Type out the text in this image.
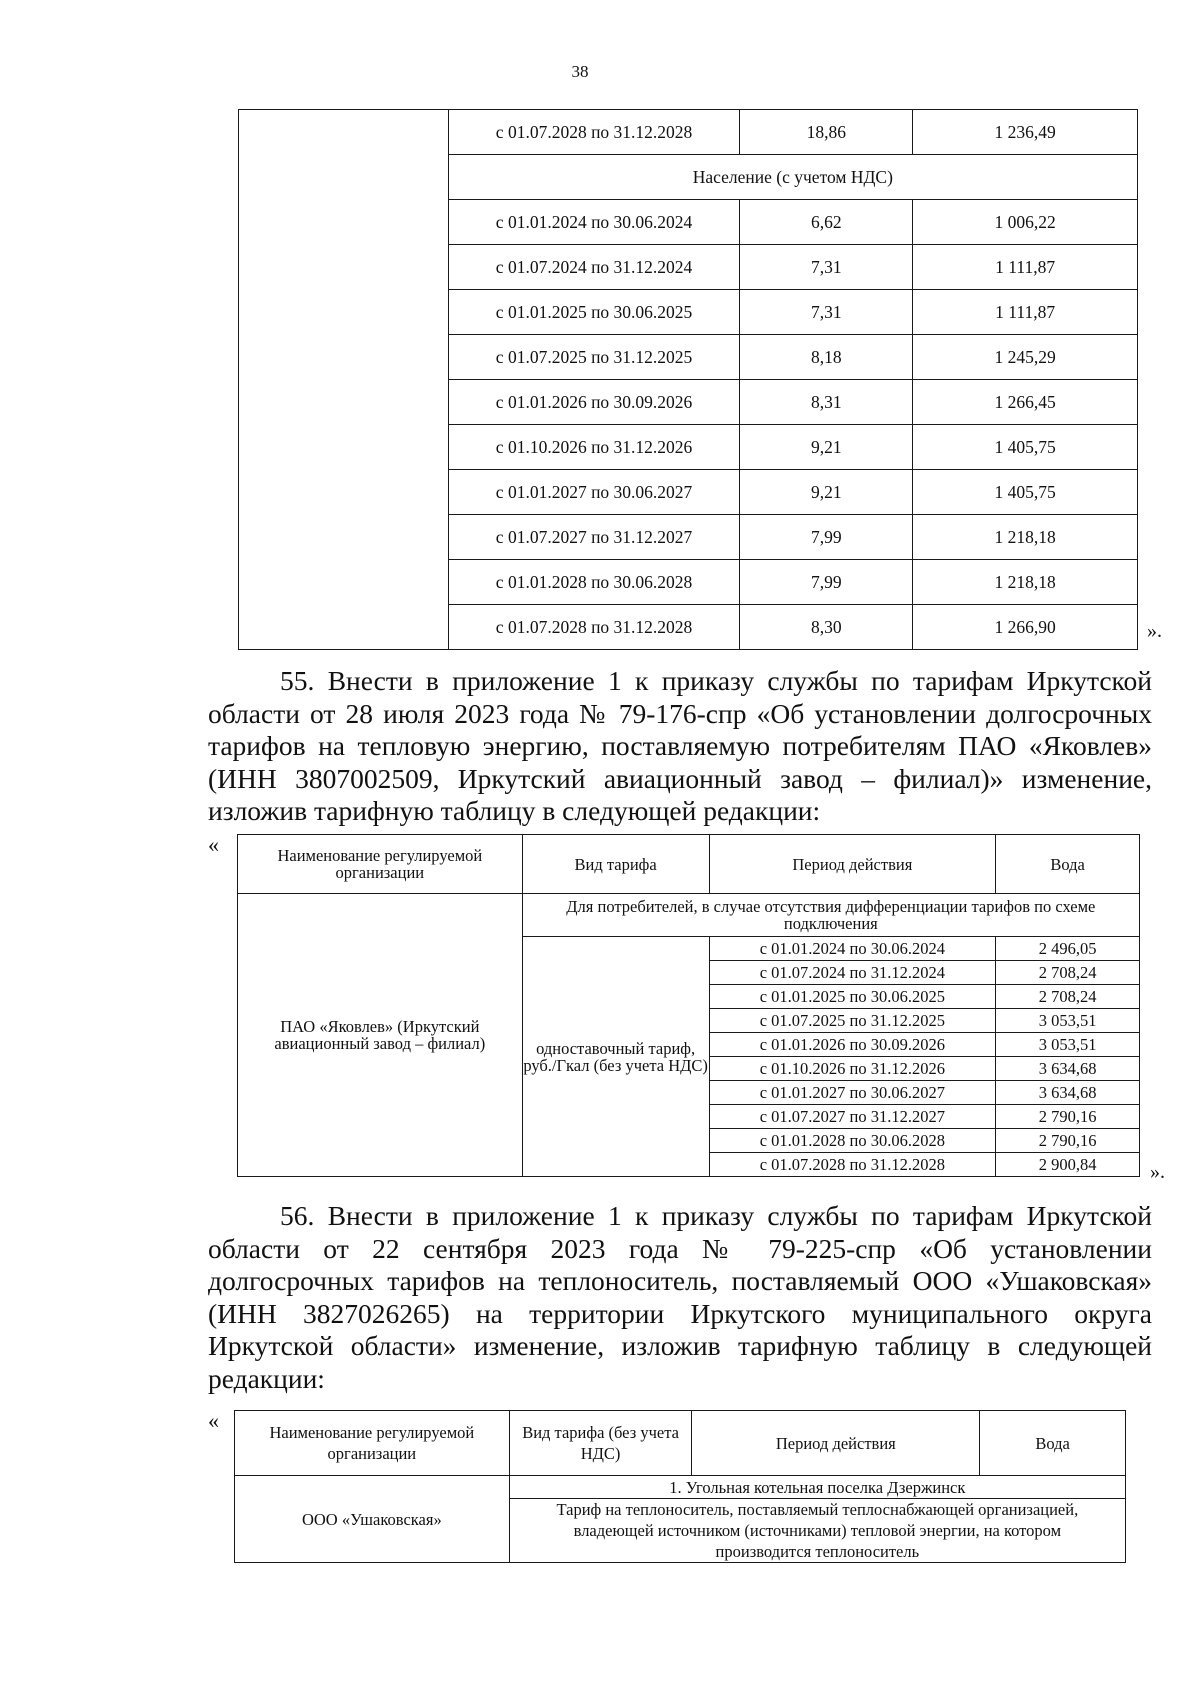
38
	с 01.07.2028 по 31.12.2028	18,86	1 236,49
	Население (с учетом НДС)		
	с 01.01.2024 по 30.06.2024	6,62	1 006,22
	с 01.07.2024 по 31.12.2024	7,31	1 111,87
	с 01.01.2025 по 30.06.2025	7,31	1 111,87
	с 01.07.2025 по 31.12.2025	8,18	1 245,29
	с 01.01.2026 по 30.09.2026	8,31	1 266,45
	с 01.10.2026 по 31.12.2026	9,21	1 405,75
	с 01.01.2027 по 30.06.2027	9,21	1 405,75
	с 01.07.2027 по 31.12.2027	7,99	1 218,18
	с 01.01.2028 по 30.06.2028	7,99	1 218,18
	с 01.07.2028 по 31.12.2028	8,30	1 266,90	».
55. Внести в приложение 1 к приказу службы по тарифам Иркутской
области от 28 июля 2023 года № 79-176-спр «Об установлении долгосрочных
тарифов на тепловую энергию, поставляемую потребителям ПАО «Яковлев»
(ИНН 3807002509, Иркутский авиационный завод – филиал)» изменение,
изложив тарифную таблицу в следующей редакции:
«	Наименование регулируемой организации	Вид тарифа	Период действия	Вода
ПАО «Яковлев» (Иркутский авиационный завод – филиал)	Для потребителей, в случае отсутствия дифференциации тарифов по схеме подключения		
	одноставочный тариф, руб./Гкал (без учета НДС)	с 01.01.2024 по 30.06.2024	2 496,05
		с 01.07.2024 по 31.12.2024	2 708,24
		с 01.01.2025 по 30.06.2025	2 708,24
		с 01.07.2025 по 31.12.2025	3 053,51
		с 01.01.2026 по 30.09.2026	3 053,51
		с 01.10.2026 по 31.12.2026	3 634,68
		с 01.01.2027 по 30.06.2027	3 634,68
		с 01.07.2027 по 31.12.2027	2 790,16
		с 01.01.2028 по 30.06.2028	2 790,16
		с 01.07.2028 по 31.12.2028	2 900,84	».
56. Внести в приложение 1 к приказу службы по тарифам Иркутской
области от 22 сентября 2023 года № 79-225-спр «Об установлении
долгосрочных тарифов на теплоноситель, поставляемый ООО «Ушаковская»
(ИНН 3827026265) на территории Иркутского муниципального округа
Иркутской области» изменение, изложив тарифную таблицу в следующей
редакции:
«	Наименование регулируемой организации	Вид тарифа (без учета НДС)	Период действия	Вода
ООО «Ушаковская»	1. Угольная котельная поселка Дзержинск		
	Тариф на теплоноситель, поставляемый теплоснабжающей организацией, владеющей источником (источниками) тепловой энергии, на котором производится теплоноситель		
